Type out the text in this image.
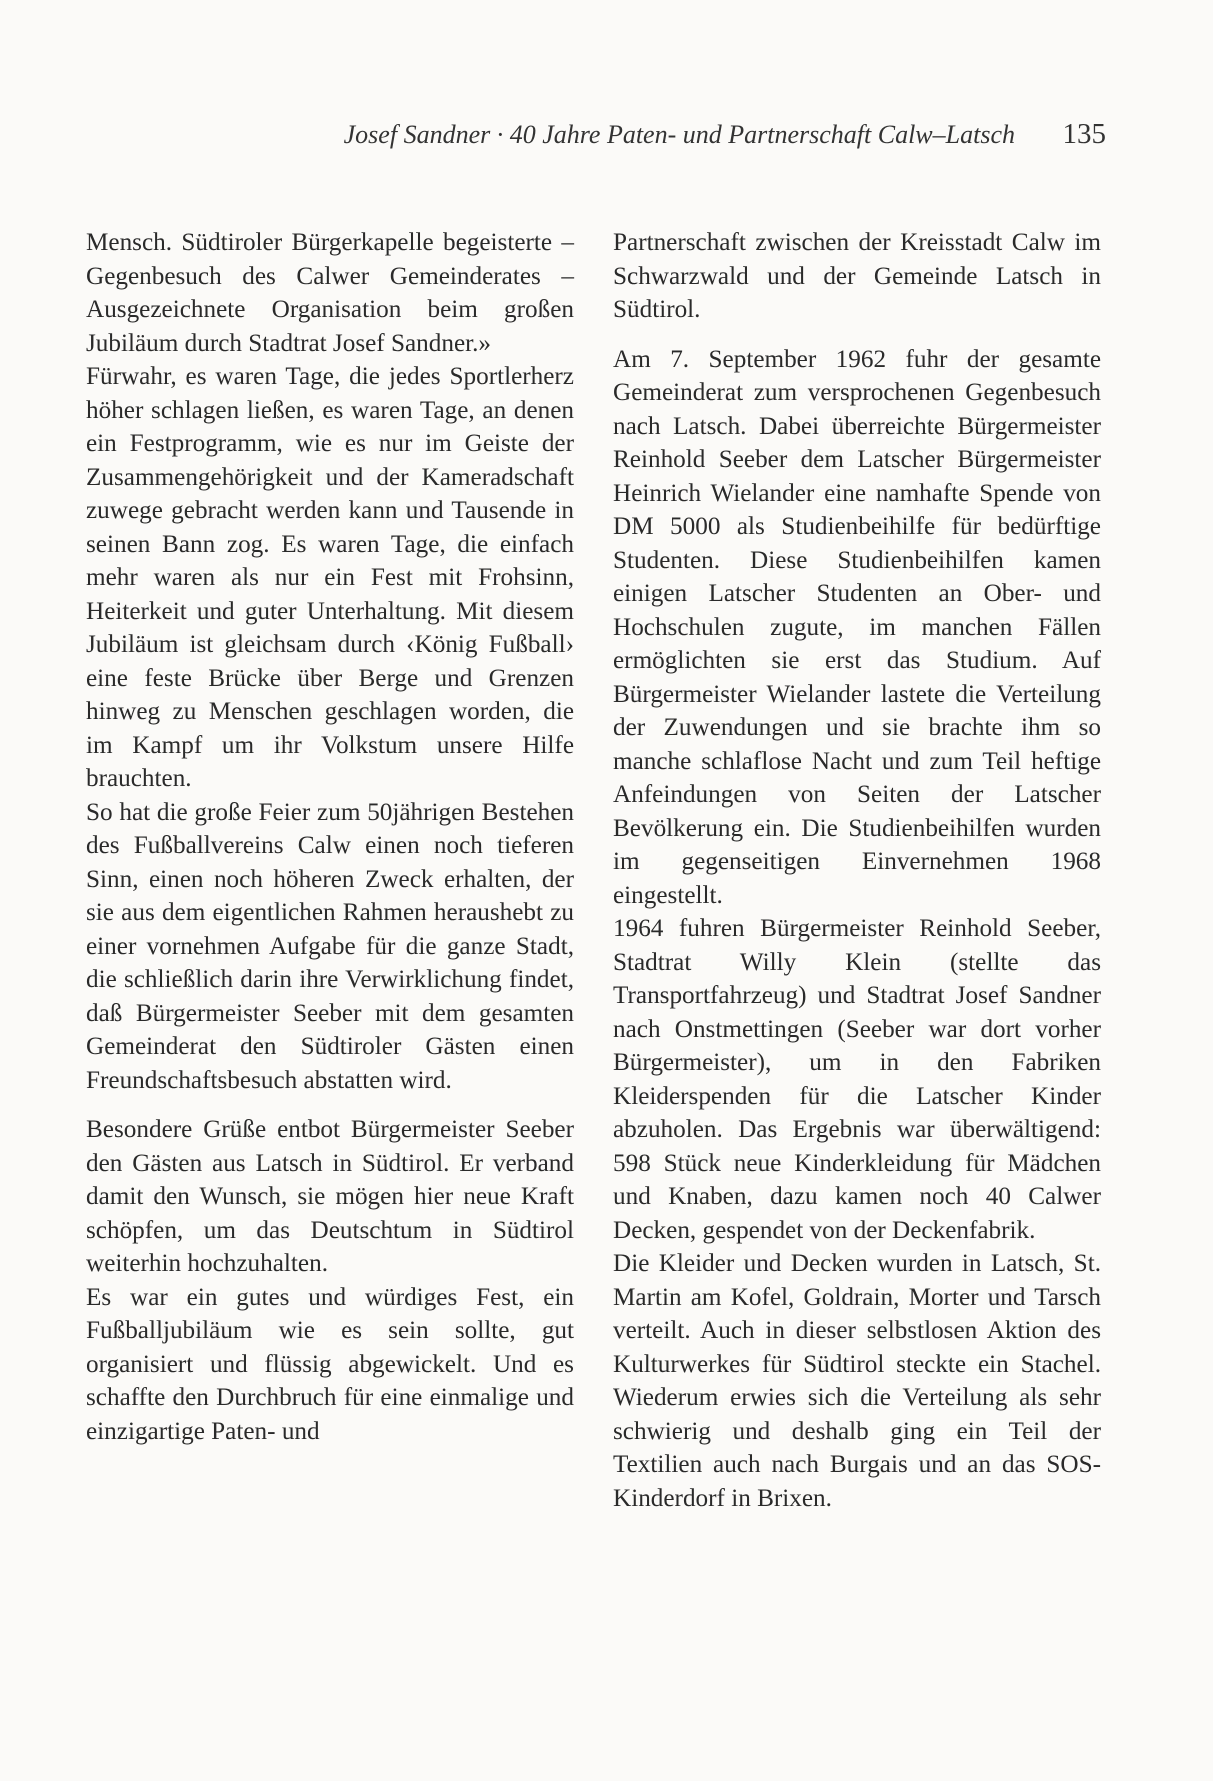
Josef Sandner · 40 Jahre Paten- und Partnerschaft Calw–Latsch 135

Mensch. Südtiroler Bürgerkapelle begeisterte – Gegenbesuch des Calwer Gemeinderates – Ausgezeichnete Organisation beim großen Jubiläum durch Stadtrat Josef Sandner.»

Fürwahr, es waren Tage, die jedes Sportlerherz höher schlagen ließen, es waren Tage, an denen ein Festprogramm, wie es nur im Geiste der Zusammengehörigkeit und der Kameradschaft zuwege gebracht werden kann und Tausende in seinen Bann zog. Es waren Tage, die einfach mehr waren als nur ein Fest mit Frohsinn, Heiterkeit und guter Unterhaltung. Mit diesem Jubiläum ist gleichsam durch ‹König Fußball› eine feste Brücke über Berge und Grenzen hinweg zu Menschen geschlagen worden, die im Kampf um ihr Volkstum unsere Hilfe brauchten.

So hat die große Feier zum 50jährigen Bestehen des Fußballvereins Calw einen noch tieferen Sinn, einen noch höheren Zweck erhalten, der sie aus dem eigentlichen Rahmen heraushebt zu einer vornehmen Aufgabe für die ganze Stadt, die schließlich darin ihre Verwirklichung findet, daß Bürgermeister Seeber mit dem gesamten Gemeinderat den Südtiroler Gästen einen Freundschaftsbesuch abstatten wird.

Besondere Grüße entbot Bürgermeister Seeber den Gästen aus Latsch in Südtirol. Er verband damit den Wunsch, sie mögen hier neue Kraft schöpfen, um das Deutschtum in Südtirol weiterhin hochzuhalten.

Es war ein gutes und würdiges Fest, ein Fußballjubiläum wie es sein sollte, gut organisiert und flüssig abgewickelt. Und es schaffte den Durchbruch für eine einmalige und einzigartige Paten- und

Partnerschaft zwischen der Kreisstadt Calw im Schwarzwald und der Gemeinde Latsch in Südtirol.

Am 7. September 1962 fuhr der gesamte Gemeinderat zum versprochenen Gegenbesuch nach Latsch. Dabei überreichte Bürgermeister Reinhold Seeber dem Latscher Bürgermeister Heinrich Wielander eine namhafte Spende von DM 5000 als Studienbeihilfe für bedürftige Studenten. Diese Studienbeihilfen kamen einigen Latscher Studenten an Ober- und Hochschulen zugute, im manchen Fällen ermöglichten sie erst das Studium. Auf Bürgermeister Wielander lastete die Verteilung der Zuwendungen und sie brachte ihm so manche schlaflose Nacht und zum Teil heftige Anfeindungen von Seiten der Latscher Bevölkerung ein. Die Studienbeihilfen wurden im gegenseitigen Einvernehmen 1968 eingestellt.

1964 fuhren Bürgermeister Reinhold Seeber, Stadtrat Willy Klein (stellte das Transportfahrzeug) und Stadtrat Josef Sandner nach Onstmettingen (Seeber war dort vorher Bürgermeister), um in den Fabriken Kleiderspenden für die Latscher Kinder abzuholen. Das Ergebnis war überwältigend: 598 Stück neue Kinderkleidung für Mädchen und Knaben, dazu kamen noch 40 Calwer Decken, gespendet von der Deckenfabrik.

Die Kleider und Decken wurden in Latsch, St. Martin am Kofel, Goldrain, Morter und Tarsch verteilt. Auch in dieser selbstlosen Aktion des Kulturwerkes für Südtirol steckte ein Stachel. Wiederum erwies sich die Verteilung als sehr schwierig und deshalb ging ein Teil der Textilien auch nach Burgais und an das SOS-Kinderdorf in Brixen.
